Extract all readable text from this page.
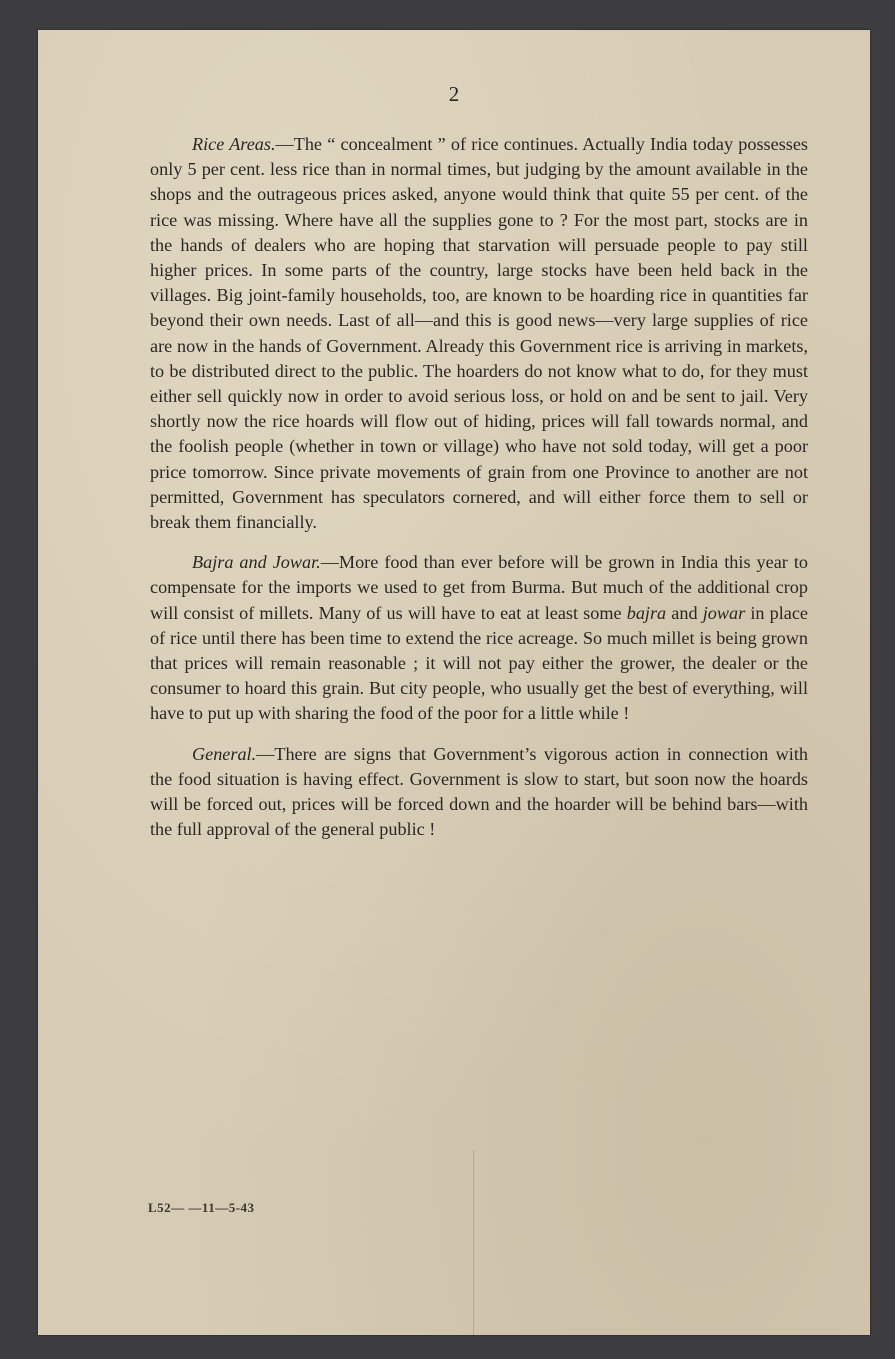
2

Rice Areas.—The “ concealment ” of rice continues. Actually India today possesses only 5 per cent. less rice than in normal times, but judging by the amount available in the shops and the outrageous prices asked, anyone would think that quite 55 per cent. of the rice was missing. Where have all the supplies gone to ? For the most part, stocks are in the hands of dealers who are hoping that starvation will persuade people to pay still higher prices. In some parts of the country, large stocks have been held back in the villages. Big joint-family households, too, are known to be hoarding rice in quantities far beyond their own needs. Last of all—and this is good news—very large supplies of rice are now in the hands of Government. Already this Government rice is arriving in markets, to be distributed direct to the public. The hoarders do not know what to do, for they must either sell quickly now in order to avoid serious loss, or hold on and be sent to jail. Very shortly now the rice hoards will flow out of hiding, prices will fall towards normal, and the foolish people (whether in town or village) who have not sold today, will get a poor price tomorrow. Since private movements of grain from one Province to another are not permitted, Government has speculators cornered, and will either force them to sell or break them financially.

Bajra and Jowar.—More food than ever before will be grown in India this year to compensate for the imports we used to get from Burma. But much of the additional crop will consist of millets. Many of us will have to eat at least some bajra and jowar in place of rice until there has been time to extend the rice acreage. So much millet is being grown that prices will remain reasonable ; it will not pay either the grower, the dealer or the consumer to hoard this grain. But city people, who usually get the best of everything, will have to put up with sharing the food of the poor for a little while !

General.—There are signs that Government’s vigorous action in connection with the food situation is having effect. Government is slow to start, but soon now the hoards will be forced out, prices will be forced down and the hoarder will be behind bars—with the full approval of the general public !

L52— —11—5-43
